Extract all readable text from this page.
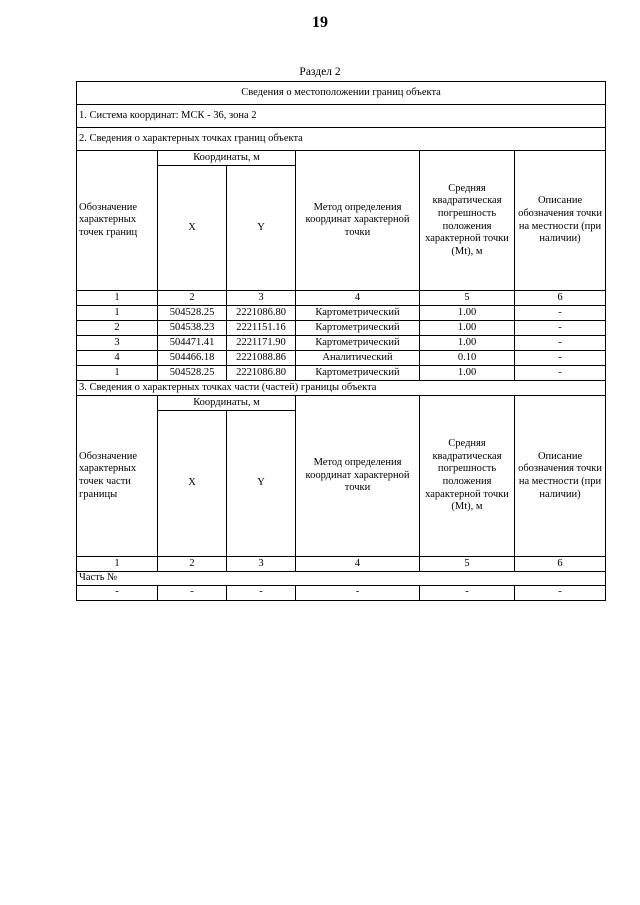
19
Раздел 2
Сведения о местоположении границ объекта					
1. Система координат: МСК - 36, зона 2					
2. Сведения о характерных точках границ объекта					
Обозначение характерных точек границ	Координаты, м		Метод определения координат характерной точки	Средняя квадратическая погрешность положения характерной точки (Mt), м	Описание обозначения точки на местности (при наличии)
	X	Y			
1	2	3	4	5	6
1	504528.25	2221086.80	Картометрический	1.00	-
2	504538.23	2221151.16	Картометрический	1.00	-
3	504471.41	2221171.90	Картометрический	1.00	-
4	504466.18	2221088.86	Аналитический	0.10	-
1	504528.25	2221086.80	Картометрический	1.00	-
3. Сведения о характерных точках части (частей) границы объекта					
Обозначение характерных точек части границы	Координаты, м		Метод определения координат характерной точки	Средняя квадратическая погрешность положения характерной точки (Mt), м	Описание обозначения точки на местности (при наличии)
	X	Y			
1	2	3	4	5	6
Часть №					
-	-	-	-	-	-
